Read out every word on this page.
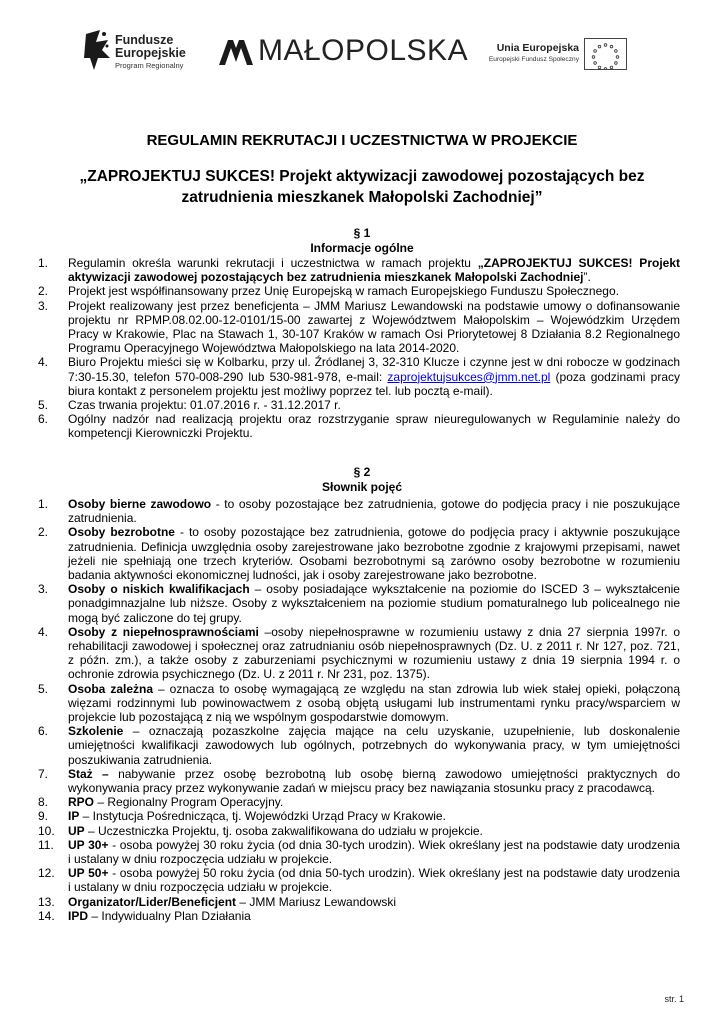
Fundusze
Europejskie
Program Regionalny MAŁOPOLSKA	Unia Europejska
Europejski Fundusz Społeczny
REGULAMIN REKRUTACJI I UCZESTNICTWA W PROJEKCIE
„ZAPROJEKTUJ SUKCES! Projekt aktywizacji zawodowej pozostających bez zatrudnienia mieszkanek Małopolski Zachodniej”
§ 1
Informacje ogólne
1.	Regulamin określa warunki rekrutacji i uczestnictwa w ramach projektu „ZAPROJEKTUJ SUKCES! Projekt aktywizacji zawodowej pozostających bez zatrudnienia mieszkanek Małopolski Zachodniej”.
2.	Projekt jest współfinansowany przez Unię Europejską w ramach Europejskiego Funduszu Społecznego.
3.	Projekt realizowany jest przez beneficjenta – JMM Mariusz Lewandowski na podstawie umowy o dofinansowanie projektu nr RPMP.08.02.00-12-0101/15-00 zawartej z Województwem Małopolskim – Wojewódzkim Urzędem Pracy w Krakowie, Plac na Stawach 1, 30-107 Kraków w ramach Osi Priorytetowej 8 Działania 8.2 Regionalnego Programu Operacyjnego Województwa Małopolskiego na lata 2014-2020.
4.	Biuro Projektu mieści się w Kolbarku, przy ul. Źródlanej 3, 32-310 Klucze i czynne jest w dni robocze w godzinach 7:30-15.30, telefon 570-008-290 lub 530-981-978, e-mail: zaprojektujsukces@jmm.net.pl (poza godzinami pracy biura kontakt z personelem projektu jest możliwy poprzez tel. lub pocztą e-mail).
5.	Czas trwania projektu: 01.07.2016 r. - 31.12.2017 r.
6.	Ogólny nadzór nad realizacją projektu oraz rozstrzyganie spraw nieuregulowanych w Regulaminie należy do kompetencji Kierowniczki Projektu.
§ 2
Słownik pojęć
1.	Osoby bierne zawodowo - to osoby pozostające bez zatrudnienia, gotowe do podjęcia pracy i nie poszukujące zatrudnienia.
2.	Osoby bezrobotne - to osoby pozostające bez zatrudnienia, gotowe do podjęcia pracy i aktywnie poszukujące zatrudnienia. Definicja uwzględnia osoby zarejestrowane jako bezrobotne zgodnie z krajowymi przepisami, nawet jeżeli nie spełniają one trzech kryteriów. Osobami bezrobotnymi są zarówno osoby bezrobotne w rozumieniu badania aktywności ekonomicznej ludności, jak i osoby zarejestrowane jako bezrobotne.
3.	Osoby o niskich kwalifikacjach – osoby posiadające wykształcenie na poziomie do ISCED 3 – wykształcenie ponadgimnazjalne lub niższe. Osoby z wykształceniem na poziomie studium pomaturalnego lub policealnego nie mogą być zaliczone do tej grupy.
4.	Osoby z niepełnosprawnościami –osoby niepełnosprawne w rozumieniu ustawy z dnia 27 sierpnia 1997r. o rehabilitacji zawodowej i społecznej oraz zatrudnianiu osób niepełnosprawnych (Dz. U. z 2011 r. Nr 127, poz. 721, z późn. zm.), a także osoby z zaburzeniami psychicznymi w rozumieniu ustawy z dnia 19 sierpnia 1994 r. o ochronie zdrowia psychicznego (Dz. U. z 2011 r. Nr 231, poz. 1375).
5.	Osoba zależna – oznacza to osobę wymagającą ze względu na stan zdrowia lub wiek stałej opieki, połączoną więzami rodzinnymi lub powinowactwem z osobą objętą usługami lub instrumentami rynku pracy/wsparciem w projekcie lub pozostającą z nią we wspólnym gospodarstwie domowym.
6.	Szkolenie – oznaczają pozaszkolne zajęcia mające na celu uzyskanie, uzupełnienie, lub doskonalenie umiejętności kwalifikacji zawodowych lub ogólnych, potrzebnych do wykonywania pracy, w tym umiejętności poszukiwania zatrudnienia.
7.	Staż – nabywanie przez osobę bezrobotną lub osobę bierną zawodowo umiejętności praktycznych do wykonywania pracy przez wykonywanie zadań w miejscu pracy bez nawiązania stosunku pracy z pracodawcą.
8.	RPO – Regionalny Program Operacyjny.
9.	IP – Instytucja Pośrednicząca, tj. Wojewódzki Urząd Pracy w Krakowie.
10. UP – Uczestniczka Projektu, tj. osoba zakwalifikowana do udziału w projekcie.
11. UP 30+ - osoba powyżej 30 roku życia (od dnia 30-tych urodzin). Wiek określany jest na podstawie daty urodzenia i ustalany w dniu rozpoczęcia udziału w projekcie.
12. UP 50+ - osoba powyżej 50 roku życia (od dnia 50-tych urodzin). Wiek określany jest na podstawie daty urodzenia i ustalany w dniu rozpoczęcia udziału w projekcie.
13. Organizator/Lider/Beneficjent – JMM Mariusz Lewandowski
14. IPD – Indywidualny Plan Działania
str. 1
